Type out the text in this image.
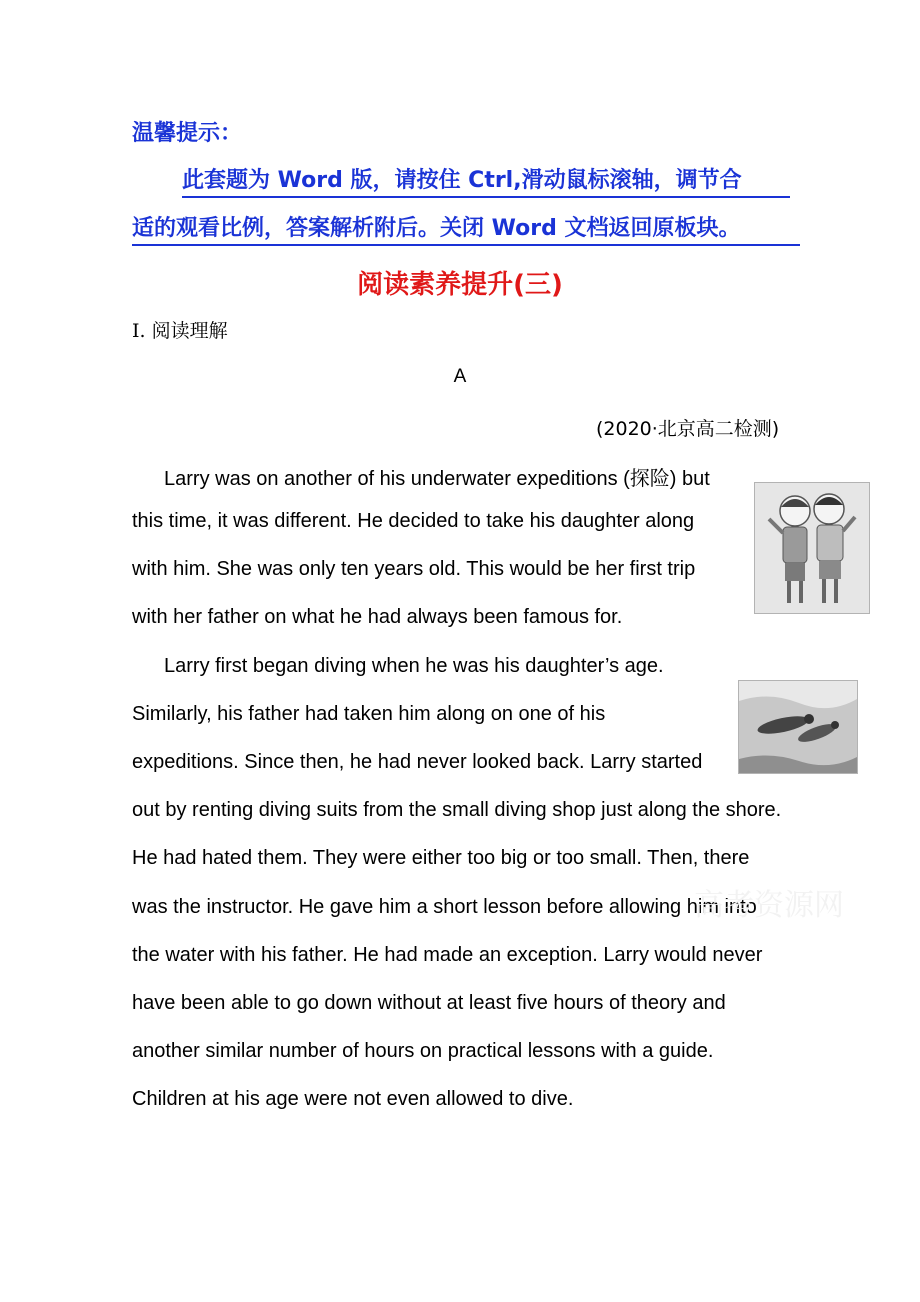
温馨提示：
此套题为 Word 版，请按住 Ctrl,滑动鼠标滚轴，调节合
适的观看比例，答案解析附后。关闭 Word 文档返回原板块。
阅读素养提升(三)
Ⅰ. 阅读理解
A
(2020·北京高二检测)
Larry was on another of his underwater expeditions (探险) but
this time, it was different. He decided to take his daughter along
with him. She was only ten years old. This would be her first trip
with her father on what he had always been famous for.
Larry first began diving when he was his daughter’s age.
Similarly, his father had taken him along on one of his
expeditions. Since then, he had never looked back. Larry started
out by renting diving suits from the small diving shop just along the shore.
He had hated them. They were either too big or too small. Then, there
was the instructor. He gave him a short lesson before allowing him into
the water with his father. He had made an exception. Larry would never
have been able to go down without at least five hours of theory and
another similar number of hours on practical lessons with a guide.
Children at his age were not even allowed to dive.
高考资源网
